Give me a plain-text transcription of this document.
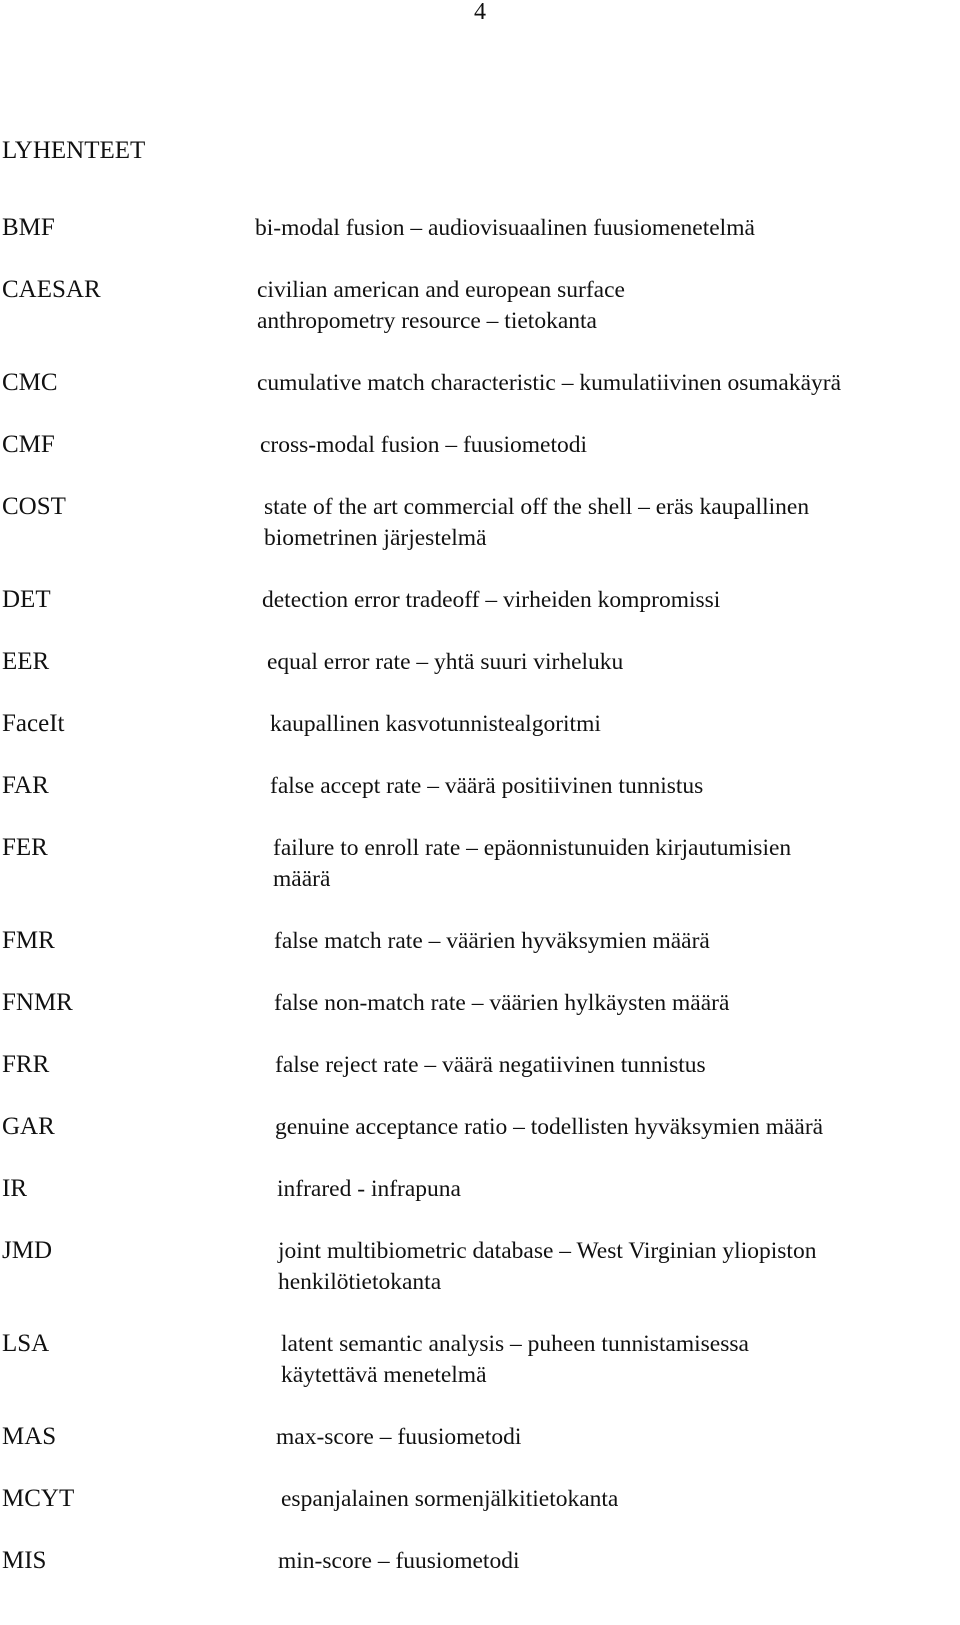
4
LYHENTEET
BMF	bi-modal fusion – audiovisuaalinen fuusiomenetelmä
CAESAR	civilian american and european surface
anthropometry resource – tietokanta
CMC	cumulative match characteristic – kumulatiivinen osumakäyrä
CMF	cross-modal fusion – fuusiometodi
COST	state of the art commercial off the shell – eräs kaupallinen
biometrinen järjestelmä
DET	detection error tradeoff – virheiden kompromissi
EER	equal error rate – yhtä suuri virheluku
FaceIt	kaupallinen kasvotunnistealgoritmi
FAR	false accept rate – väärä positiivinen tunnistus
FER	failure to enroll rate – epäonnistunuiden kirjautumisien
määrä
FMR	false match rate – väärien hyväksymien määrä
FNMR	false non-match rate – väärien hylkäysten määrä
FRR	false reject rate – väärä negatiivinen tunnistus
GAR	genuine acceptance ratio – todellisten hyväksymien määrä
IR	infrared - infrapuna
JMD	joint multibiometric database – West Virginian yliopiston
henkilötietokanta
LSA	latent semantic analysis – puheen tunnistamisessa
käytettävä menetelmä
MAS	max-score – fuusiometodi
MCYT	espanjalainen sormenjälkitietokanta
MIS	min-score – fuusiometodi
